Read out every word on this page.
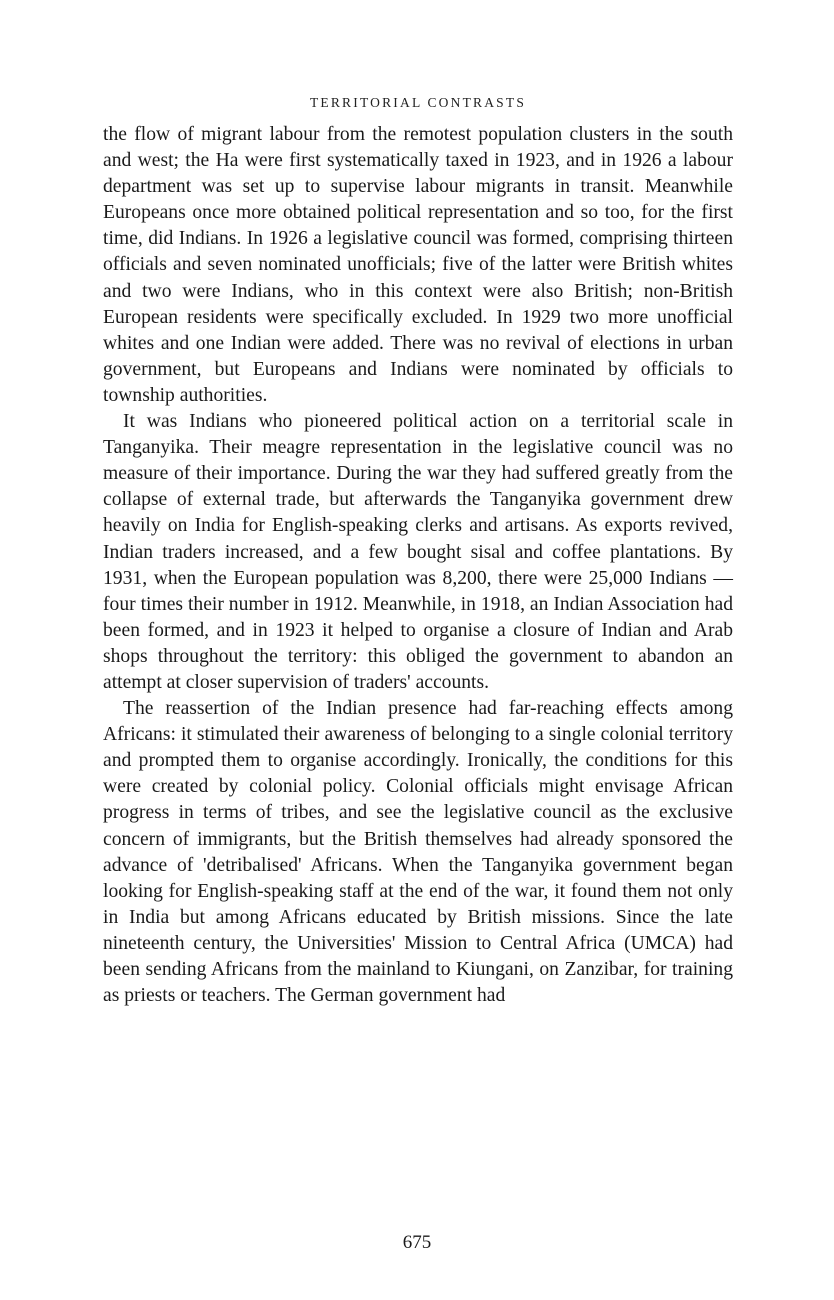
TERRITORIAL CONTRASTS

the flow of migrant labour from the remotest population clusters in the south and west; the Ha were first systematically taxed in 1923, and in 1926 a labour department was set up to supervise labour migrants in transit. Meanwhile Europeans once more obtained political representation and so too, for the first time, did Indians. In 1926 a legislative council was formed, comprising thirteen officials and seven nominated unofficials; five of the latter were British whites and two were Indians, who in this context were also British; non-British European residents were specifically excluded. In 1929 two more unofficial whites and one Indian were added. There was no revival of elections in urban government, but Europeans and Indians were nominated by officials to township authorities.

It was Indians who pioneered political action on a territorial scale in Tanganyika. Their meagre representation in the legislative council was no measure of their importance. During the war they had suffered greatly from the collapse of external trade, but afterwards the Tanganyika government drew heavily on India for English-speaking clerks and artisans. As exports revived, Indian traders increased, and a few bought sisal and coffee plantations. By 1931, when the European population was 8,200, there were 25,000 Indians — four times their number in 1912. Meanwhile, in 1918, an Indian Association had been formed, and in 1923 it helped to organise a closure of Indian and Arab shops throughout the territory: this obliged the government to abandon an attempt at closer supervision of traders' accounts.

The reassertion of the Indian presence had far-reaching effects among Africans: it stimulated their awareness of belonging to a single colonial territory and prompted them to organise accordingly. Ironically, the conditions for this were created by colonial policy. Colonial officials might envisage African progress in terms of tribes, and see the legislative council as the exclusive concern of immigrants, but the British themselves had already sponsored the advance of 'detribalised' Africans. When the Tanganyika government began looking for English-speaking staff at the end of the war, it found them not only in India but among Africans educated by British missions. Since the late nineteenth century, the Universities' Mission to Central Africa (UMCA) had been sending Africans from the mainland to Kiungani, on Zanzibar, for training as priests or teachers. The German government had

675
